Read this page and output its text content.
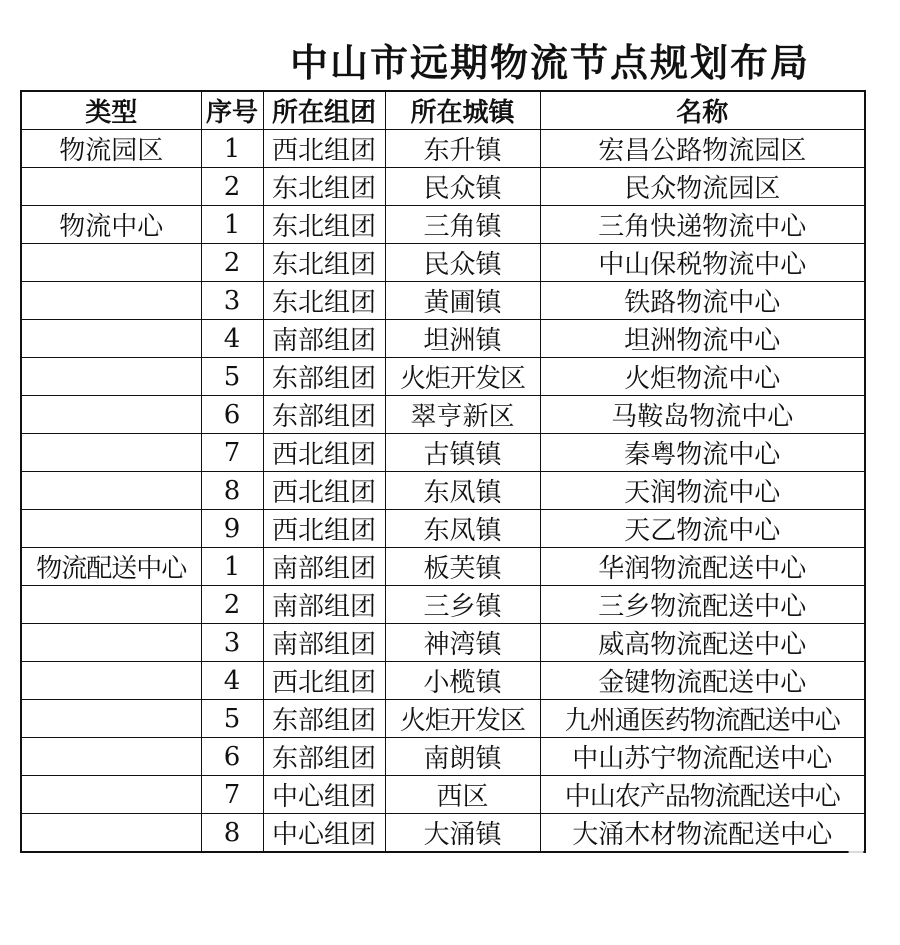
中山市远期物流节点规划布局
类型	序号	所在组团	所在城镇	名称
物流园区	1	西北组团	东升镇	宏昌公路物流园区
	2	东北组团	民众镇	民众物流园区
物流中心	1	东北组团	三角镇	三角快递物流中心
	2	东北组团	民众镇	中山保税物流中心
	3	东北组团	黄圃镇	铁路物流中心
	4	南部组团	坦洲镇	坦洲物流中心
	5	东部组团	火炬开发区	火炬物流中心
	6	东部组团	翠亨新区	马鞍岛物流中心
	7	西北组团	古镇镇	秦粤物流中心
	8	西北组团	东凤镇	天润物流中心
	9	西北组团	东凤镇	天乙物流中心
物流配送中心	1	南部组团	板芙镇	华润物流配送中心
	2	南部组团	三乡镇	三乡物流配送中心
	3	南部组团	神湾镇	威高物流配送中心
	4	西北组团	小榄镇	金键物流配送中心
	5	东部组团	火炬开发区	九州通医药物流配送中心
	6	东部组团	南朗镇	中山苏宁物流配送中心
	7	中心组团	西区	中山农产品物流配送中心
	8	中心组团	大涌镇	大涌木材物流配送中心
